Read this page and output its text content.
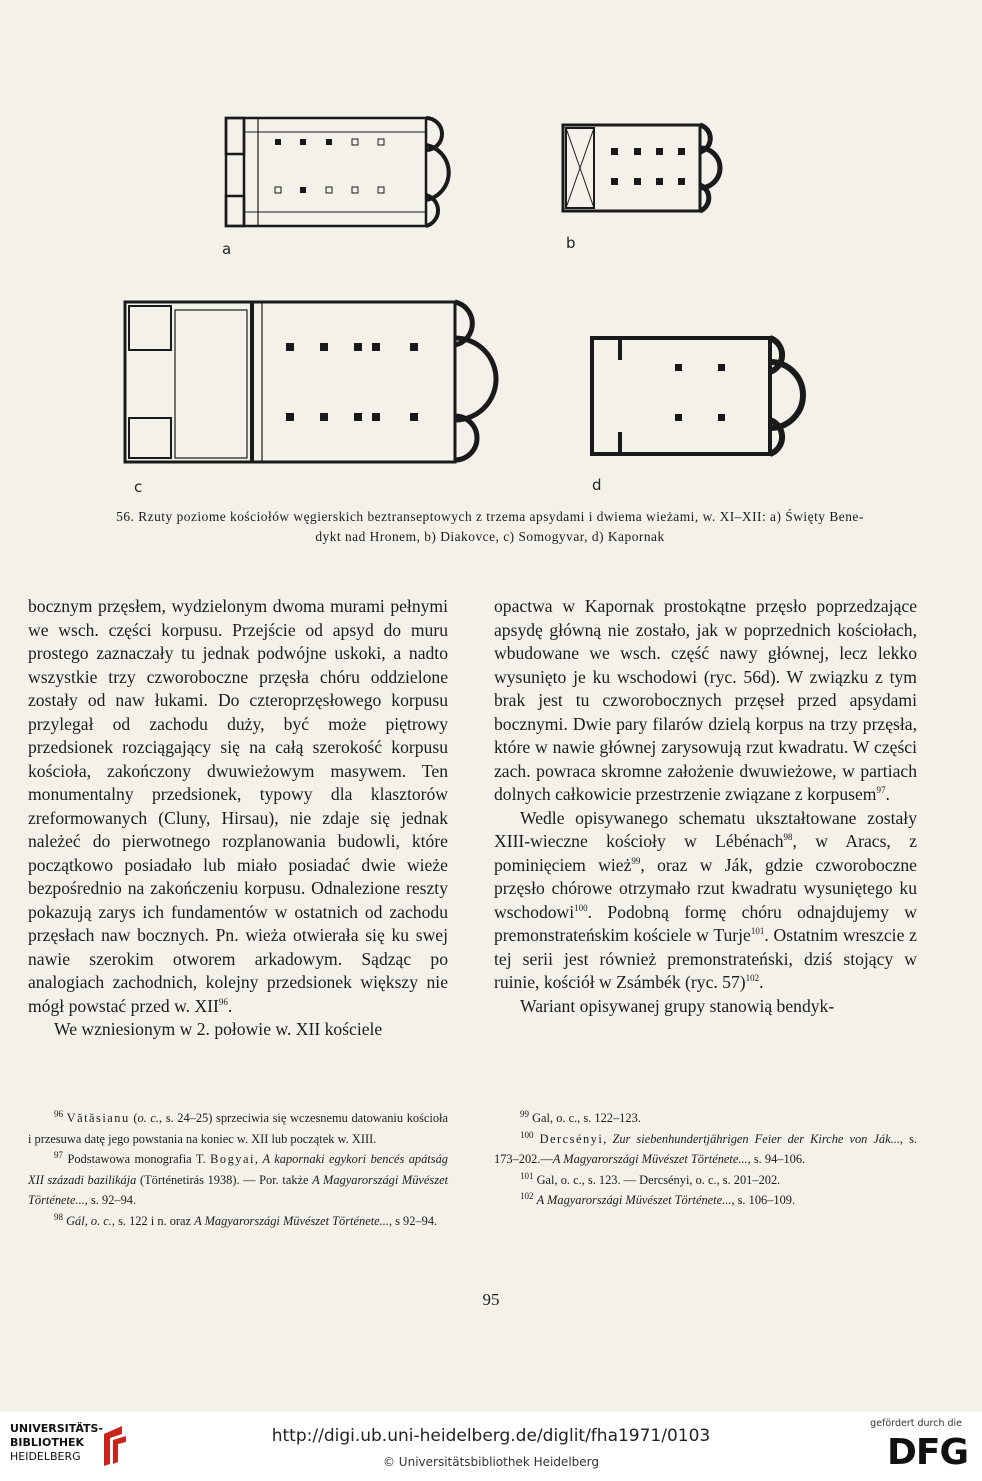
a	b
c	d
56. Rzuty poziome kościołów węgierskich beztranseptowych z trzema apsydami i dwiema wieżami, w. XI–XII: a) Święty Bene-
dykt nad Hronem, b) Diakovce, c) Somogyvar, d) Kapornak

bocznym przęsłem, wydzielonym dwoma murami pełnymi we wsch. części korpusu. Przejście od apsyd do muru prostego zaznaczały tu jednak podwójne uskoki, a nadto wszystkie trzy czworoboczne przęsła chóru oddzielone zostały od naw łukami. Do czteroprzęsłowego korpusu przylegał od zachodu duży, być może piętrowy przedsionek rozciągający się na całą szerokość korpusu kościoła, zakończony dwuwieżowym masywem. Ten monumentalny przedsionek, typowy dla klasztorów zreformowanych (Cluny, Hirsau), nie zdaje się jednak należeć do pierwotnego rozplanowania budowli, które początkowo posiadało lub miało posiadać dwie wieże bezpośrednio na zakończeniu korpusu. Odnalezione reszty pokazują zarys ich fundamentów w ostatnich od zachodu przęsłach naw bocznych. Pn. wieża otwierała się ku swej nawie szerokim otworem arkadowym. Sądząc po analogiach zachodnich, kolejny przedsionek większy nie mógł powstać przed w. XII$^{96}$.

We wzniesionym w 2. połowie w. XII kościele

opactwa w Kapornak prostokątne przęsło poprzedzające apsydę główną nie zostało, jak w poprzednich kościołach, wbudowane we wsch. część nawy głównej, lecz lekko wysunięto je ku wschodowi (ryc. 56d). W związku z tym brak jest tu czworobocznych przęseł przed apsydami bocznymi. Dwie pary filarów dzielą korpus na trzy przęsła, które w nawie głównej zarysowują rzut kwadratu. W części zach. powraca skromne założenie dwuwieżowe, w partiach dolnych całkowicie przestrzenie związane z korpusem$^{97}$.

Wedle opisywanego schematu ukształtowane zostały XIII-wieczne kościoły w Lébénach$^{98}$, w Aracs, z pominięciem wież$^{99}$, oraz w Ják, gdzie czworoboczne przęsło chórowe otrzymało rzut kwadratu wysuniętego ku wschodowi$^{100}$. Podobną formę chóru odnajdujemy w premonstrateńskim kościele w Turje$^{101}$. Ostatnim wreszcie z tej serii jest również premonstrateński, dziś stojący w ruinie, kościół w Zsámbék (ryc. 57)$^{102}$.

Wariant opisywanej grupy stanowią bendyk-

$^{96}$ Vătăsianu (o. c., s. 24–25) sprzeciwia się wczesnemu datowaniu kościoła i przesuwa datę jego powstania na koniec w. XII lub początek w. XIII.

$^{97}$ Podstawowa monografia T. Bogyai, A kapornaki egykori bencés apátság XII századi bazilikája (Történetirás 1938). — Por. także A Magyarországi Müvészet Története..., s. 92–94.

$^{98}$ Gál, o. c., s. 122 i n. oraz A Magyarországi Müvészet Története..., s 92–94.

$^{99}$ Gal, o. c., s. 122–123.

$^{100}$ Dercsényi, Zur siebenhundertjährigen Feier der Kirche von Ják..., s. 173–202.—A Magyarországi Müvészet Története..., s. 94–106.

$^{101}$ Gal, o. c., s. 123. — Dercsényi, o. c., s. 201–202.

$^{102}$ A Magyarországi Müvészet Története..., s. 106–109.

95
UNIVERSITÄTS-
BIBLIOTHEK
HEIDELBERG
http://digi.ub.uni-heidelberg.de/diglit/fha1971/0103
© Universitätsbibliothek Heidelberg
gefördert durch die
DFG
